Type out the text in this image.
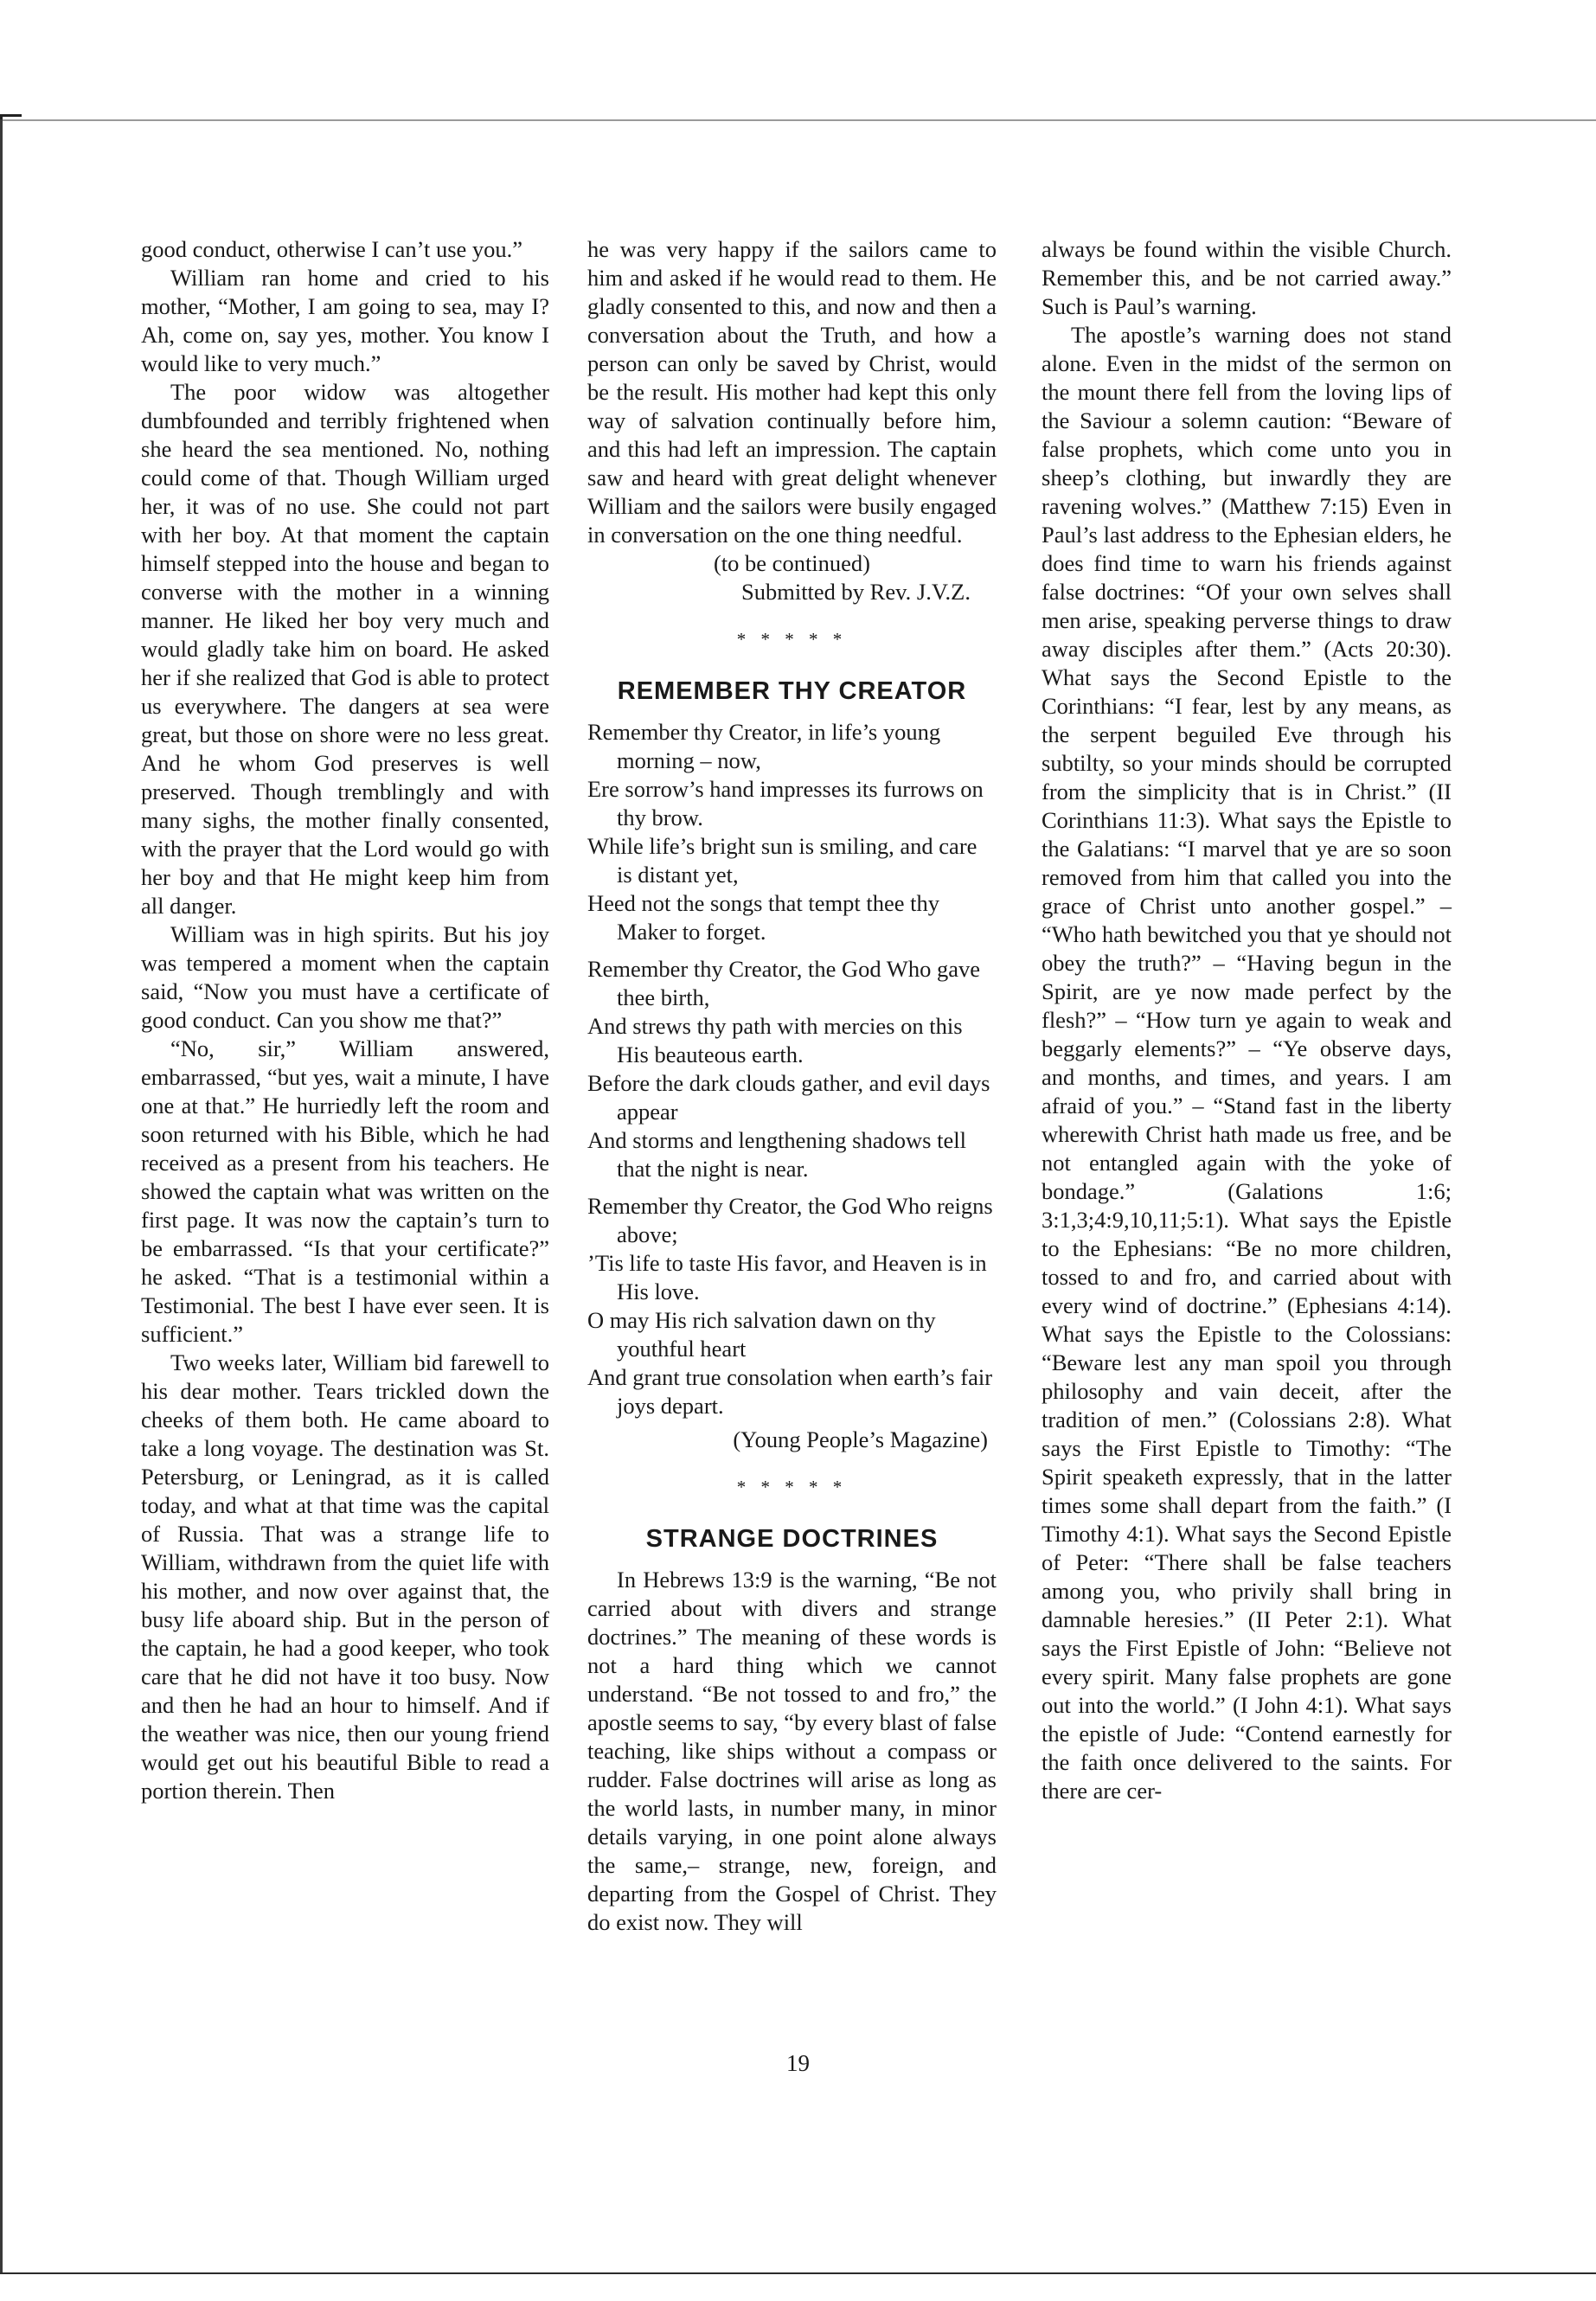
good conduct, otherwise I can’t use you.”

William ran home and cried to his mother, “Mother, I am going to sea, may I? Ah, come on, say yes, mother. You know I would like to very much.”

The poor widow was altogether dumbfounded and terribly frightened when she heard the sea mentioned. No, nothing could come of that. Though William urged her, it was of no use. She could not part with her boy. At that moment the captain himself stepped into the house and began to converse with the mother in a winning manner. He liked her boy very much and would gladly take him on board. He asked her if she realized that God is able to protect us everywhere. The dangers at sea were great, but those on shore were no less great. And he whom God preserves is well preserved. Though tremblingly and with many sighs, the mother finally consented, with the prayer that the Lord would go with her boy and that He might keep him from all danger.

William was in high spirits. But his joy was tempered a moment when the captain said, “Now you must have a certificate of good conduct. Can you show me that?”

“No, sir,” William answered, embarrassed, “but yes, wait a minute, I have one at that.” He hurriedly left the room and soon returned with his Bible, which he had received as a present from his teachers. He showed the captain what was written on the first page. It was now the captain’s turn to be embarrassed. “Is that your certificate?” he asked. “That is a testimonial within a Testimonial. The best I have ever seen. It is sufficient.”

Two weeks later, William bid farewell to his dear mother. Tears trickled down the cheeks of them both. He came aboard to take a long voyage. The destination was St. Petersburg, or Leningrad, as it is called today, and what at that time was the capital of Russia. That was a strange life to William, withdrawn from the quiet life with his mother, and now over against that, the busy life aboard ship. But in the person of the captain, he had a good keeper, who took care that he did not have it too busy. Now and then he had an hour to himself. And if the weather was nice, then our young friend would get out his beautiful Bible to read a portion therein. Then

he was very happy if the sailors came to him and asked if he would read to them. He gladly consented to this, and now and then a conversation about the Truth, and how a person can only be saved by Christ, would be the result. His mother had kept this only way of salvation continually before him, and this had left an impression. The captain saw and heard with great delight whenever William and the sailors were busily engaged in conversation on the one thing needful.

(to be continued)

Submitted by Rev. J.V.Z.

* * * * *

REMEMBER THY CREATOR

Remember thy Creator, in life’s young morning – now,

Ere sorrow’s hand impresses its furrows on thy brow.

While life’s bright sun is smiling, and care is distant yet,

Heed not the songs that tempt thee thy Maker to forget.

Remember thy Creator, the God Who gave thee birth,

And strews thy path with mercies on this His beauteous earth.

Before the dark clouds gather, and evil days appear

And storms and lengthening shadows tell that the night is near.

Remember thy Creator, the God Who reigns above;

’Tis life to taste His favor, and Heaven is in His love.

O may His rich salvation dawn on thy youthful heart

And grant true consolation when earth’s fair joys depart.

(Young People’s Magazine)

* * * * *

STRANGE DOCTRINES

In Hebrews 13:9 is the warning, “Be not carried about with divers and strange doctrines.” The meaning of these words is not a hard thing which we cannot understand. “Be not tossed to and fro,” the apostle seems to say, “by every blast of false teaching, like ships without a compass or rudder. False doctrines will arise as long as the world lasts, in number many, in minor details varying, in one point alone always the same,– strange, new, foreign, and departing from the Gospel of Christ. They do exist now. They will

always be found within the visible Church. Remember this, and be not carried away.” Such is Paul’s warning.

The apostle’s warning does not stand alone. Even in the midst of the sermon on the mount there fell from the loving lips of the Saviour a solemn caution: “Beware of false prophets, which come unto you in sheep’s clothing, but inwardly they are ravening wolves.” (Matthew 7:15) Even in Paul’s last address to the Ephesian elders, he does find time to warn his friends against false doctrines: “Of your own selves shall men arise, speaking perverse things to draw away disciples after them.” (Acts 20:30). What says the Second Epistle to the Corinthians: “I fear, lest by any means, as the serpent beguiled Eve through his subtilty, so your minds should be corrupted from the simplicity that is in Christ.” (II Corinthians 11:3). What says the Epistle to the Galatians: “I marvel that ye are so soon removed from him that called you into the grace of Christ unto another gospel.” – “Who hath bewitched you that ye should not obey the truth?” – “Having begun in the Spirit, are ye now made perfect by the flesh?” – “How turn ye again to weak and beggarly elements?” – “Ye observe days, and months, and times, and years. I am afraid of you.” – “Stand fast in the liberty wherewith Christ hath made us free, and be not entangled again with the yoke of bondage.” (Galations 1:6; 3:1,3;4:9,10,11;5:1). What says the Epistle to the Ephesians: “Be no more children, tossed to and fro, and carried about with every wind of doctrine.” (Ephesians 4:14). What says the Epistle to the Colossians: “Beware lest any man spoil you through philosophy and vain deceit, after the tradition of men.” (Colossians 2:8). What says the First Epistle to Timothy: “The Spirit speaketh expressly, that in the latter times some shall depart from the faith.” (I Timothy 4:1). What says the Second Epistle of Peter: “There shall be false teachers among you, who privily shall bring in damnable heresies.” (II Peter 2:1). What says the First Epistle of John: “Believe not every spirit. Many false prophets are gone out into the world.” (I John 4:1). What says the epistle of Jude: “Contend earnestly for the faith once delivered to the saints. For there are cer-

19
